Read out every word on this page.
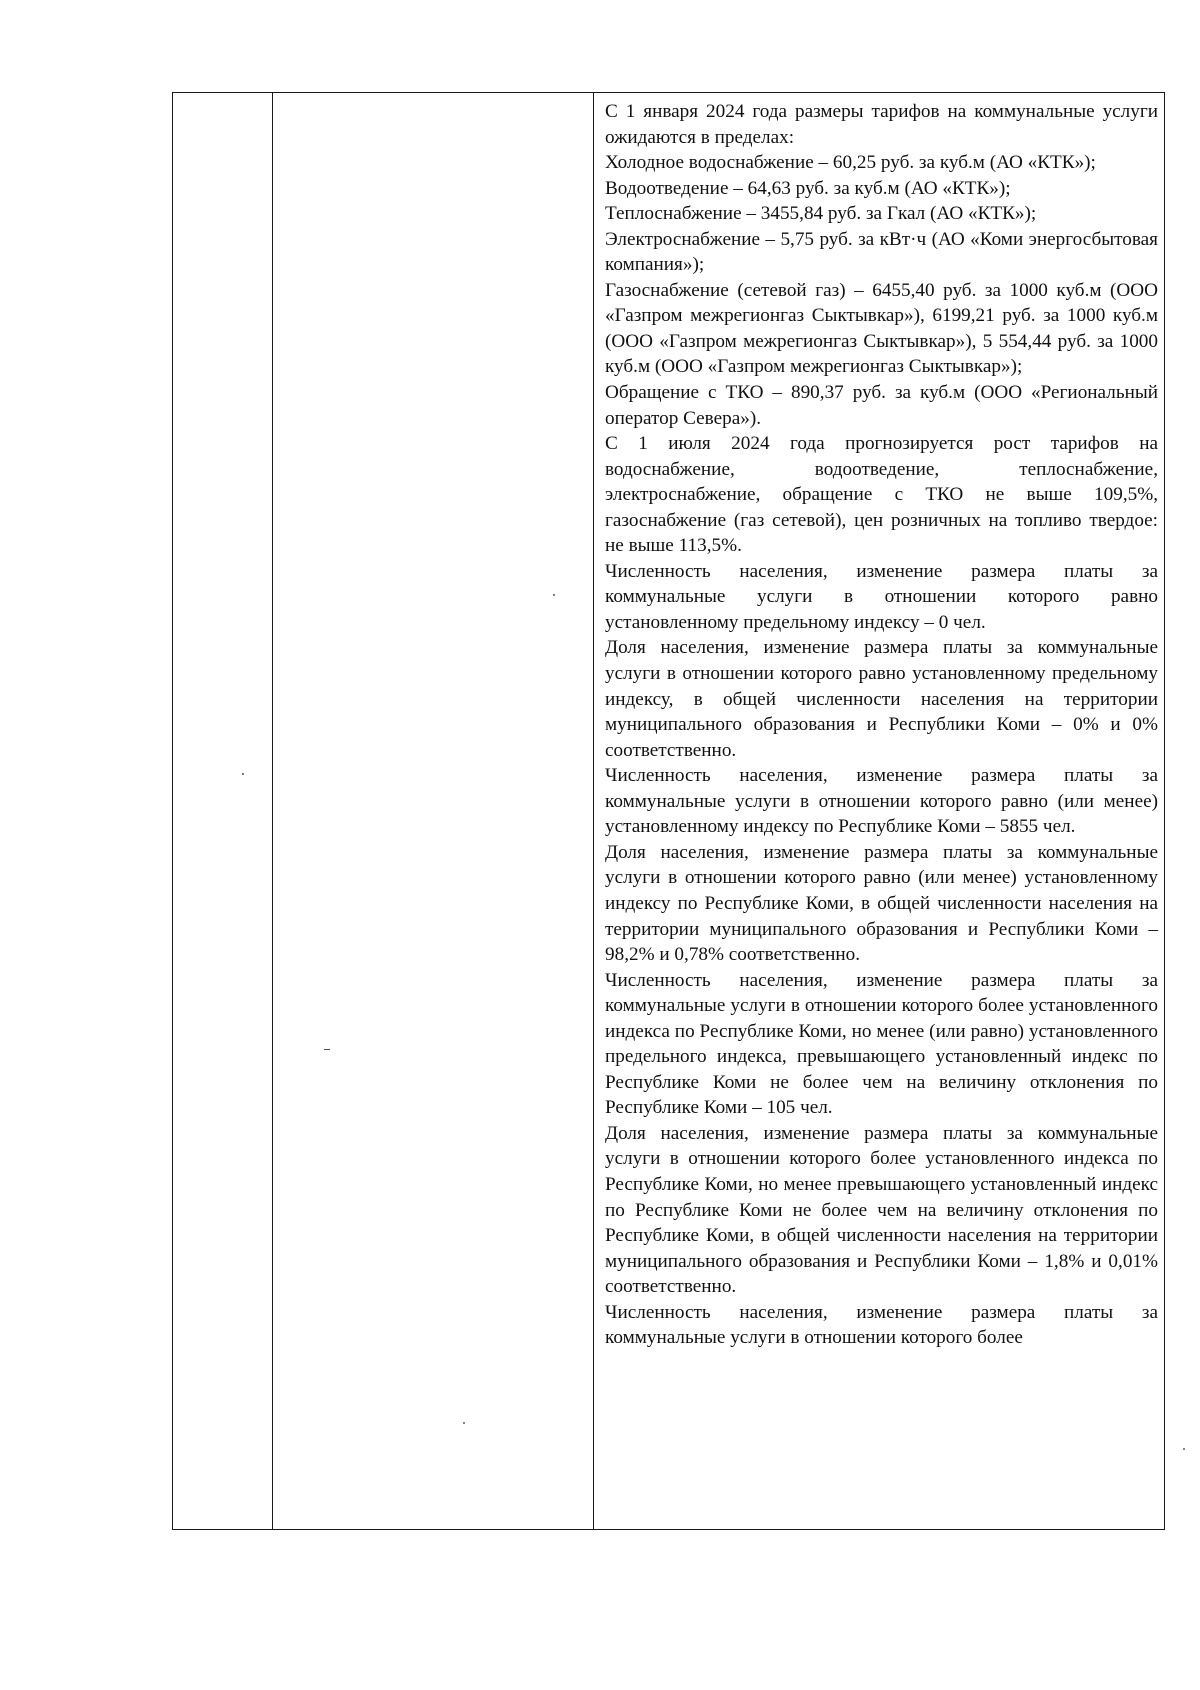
С 1 января 2024 года размеры тарифов на коммунальные услуги ожидаются в пределах:

Холодное водоснабжение – 60,25 руб. за куб.м (АО «КТК»);

Водоотведение – 64,63 руб. за куб.м (АО «КТК»);

Теплоснабжение – 3455,84 руб. за Гкал (АО «КТК»);

Электроснабжение – 5,75 руб. за кВт·ч (АО «Коми энергосбытовая компания»);

Газоснабжение (сетевой газ) – 6455,40 руб. за 1000 куб.м (ООО «Газпром межрегионгаз Сыктывкар»), 6199,21 руб. за 1000 куб.м (ООО «Газпром межрегионгаз Сыктывкар»), 5 554,44 руб. за 1000 куб.м (ООО «Газпром межрегионгаз Сыктывкар»);

Обращение с ТКО – 890,37 руб. за куб.м (ООО «Региональный оператор Севера»).

С 1 июля 2024 года прогнозируется рост тарифов на водоснабжение, водоотведение, теплоснабжение, электроснабжение, обращение с ТКО не выше 109,5%, газоснабжение (газ сетевой), цен розничных на топливо твердое: не выше 113,5%.

Численность населения, изменение размера платы за коммунальные услуги в отношении которого равно установленному предельному индексу – 0 чел.

Доля населения, изменение размера платы за коммунальные услуги в отношении которого равно установленному предельному индексу, в общей численности населения на территории муниципального образования и Республики Коми – 0% и 0% соответственно.

Численность населения, изменение размера платы за коммунальные услуги в отношении которого равно (или менее) установленному индексу по Республике Коми – 5855 чел.

Доля населения, изменение размера платы за коммунальные услуги в отношении которого равно (или менее) установленному индексу по Республике Коми, в общей численности населения на территории муниципального образования и Республики Коми – 98,2% и 0,78% соответственно.

Численность населения, изменение размера платы за коммунальные услуги в отношении которого более установленного индекса по Республике Коми, но менее (или равно) установленного предельного индекса, превышающего установленный индекс по Республике Коми не более чем на величину отклонения по Республике Коми – 105 чел.

Доля населения, изменение размера платы за коммунальные услуги в отношении которого более установленного индекса по Республике Коми, но менее превышающего установленный индекс по Республике Коми не более чем на величину отклонения по Республике Коми, в общей численности населения на территории муниципального образования и Республики Коми – 1,8% и 0,01% соответственно.

Численность населения, изменение размера платы за коммунальные услуги в отношении которого более
